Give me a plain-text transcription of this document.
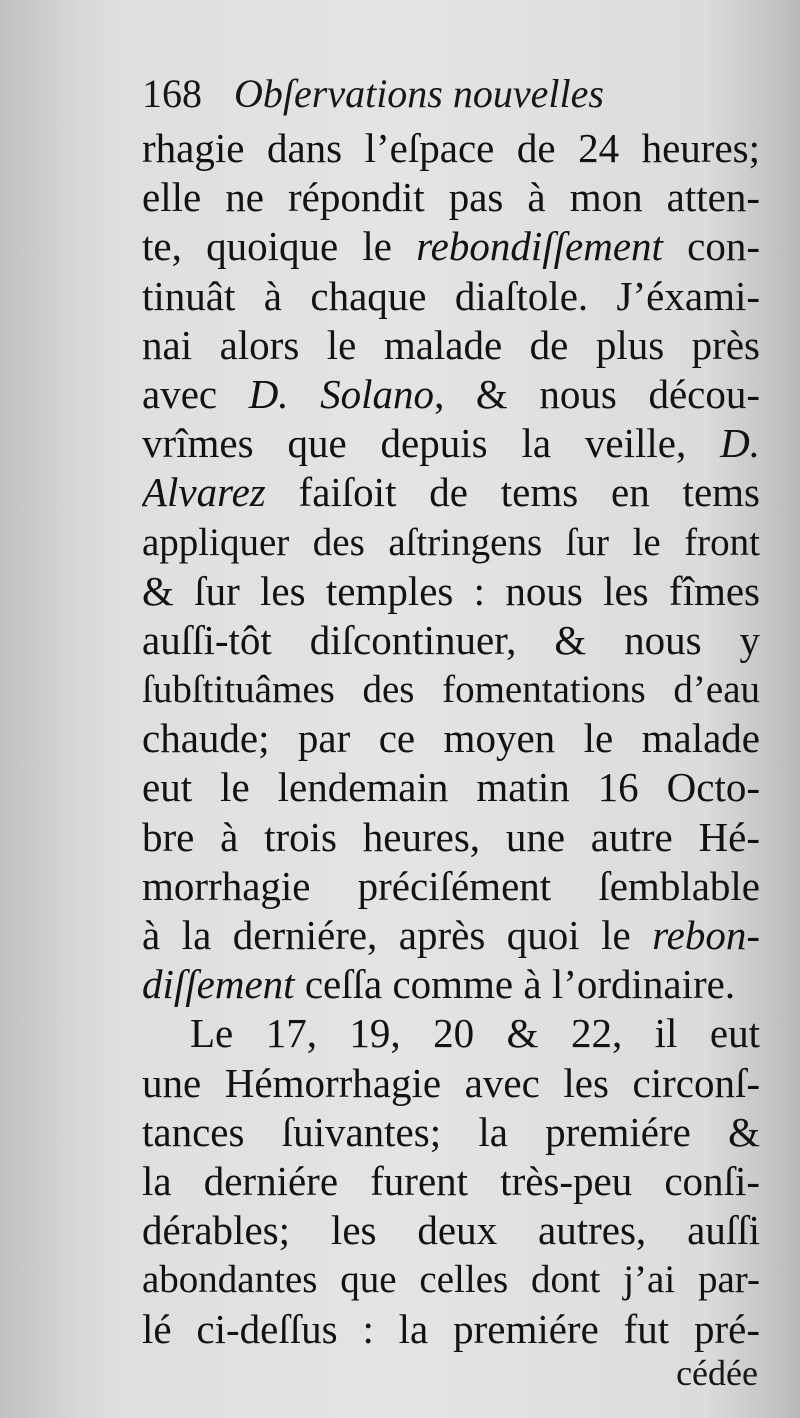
168 Obſervations nouvelles
rhagie dans l’eſpace de 24 heures;
elle ne répondit pas à mon atten-
te, quoique le rebondiſſement con-
tinuât à chaque diaſtole. J’éxami-
nai alors le malade de plus près
avec D. Solano, & nous décou-
vrîmes que depuis la veille, D.
Alvarez faiſoit de tems en tems
appliquer des aſtringens ſur le front
& ſur les temples : nous les fîmes
auſſi-tôt diſcontinuer, & nous y
ſubſtituâmes des fomentations d’eau
chaude; par ce moyen le malade
eut le lendemain matin 16 Octo-
bre à trois heures, une autre Hé-
morrhagie préciſément ſemblable
à la derniére, après quoi le rebon-
diſſement ceſſa comme à l’ordinaire.
Le 17, 19, 20 & 22, il eut
une Hémorrhagie avec les circonſ-
tances ſuivantes; la premiére &
la derniére furent très-peu conſi-
dérables; les deux autres, auſſi
abondantes que celles dont j’ai par-
lé ci-deſſus : la premiére fut pré-
cédée
